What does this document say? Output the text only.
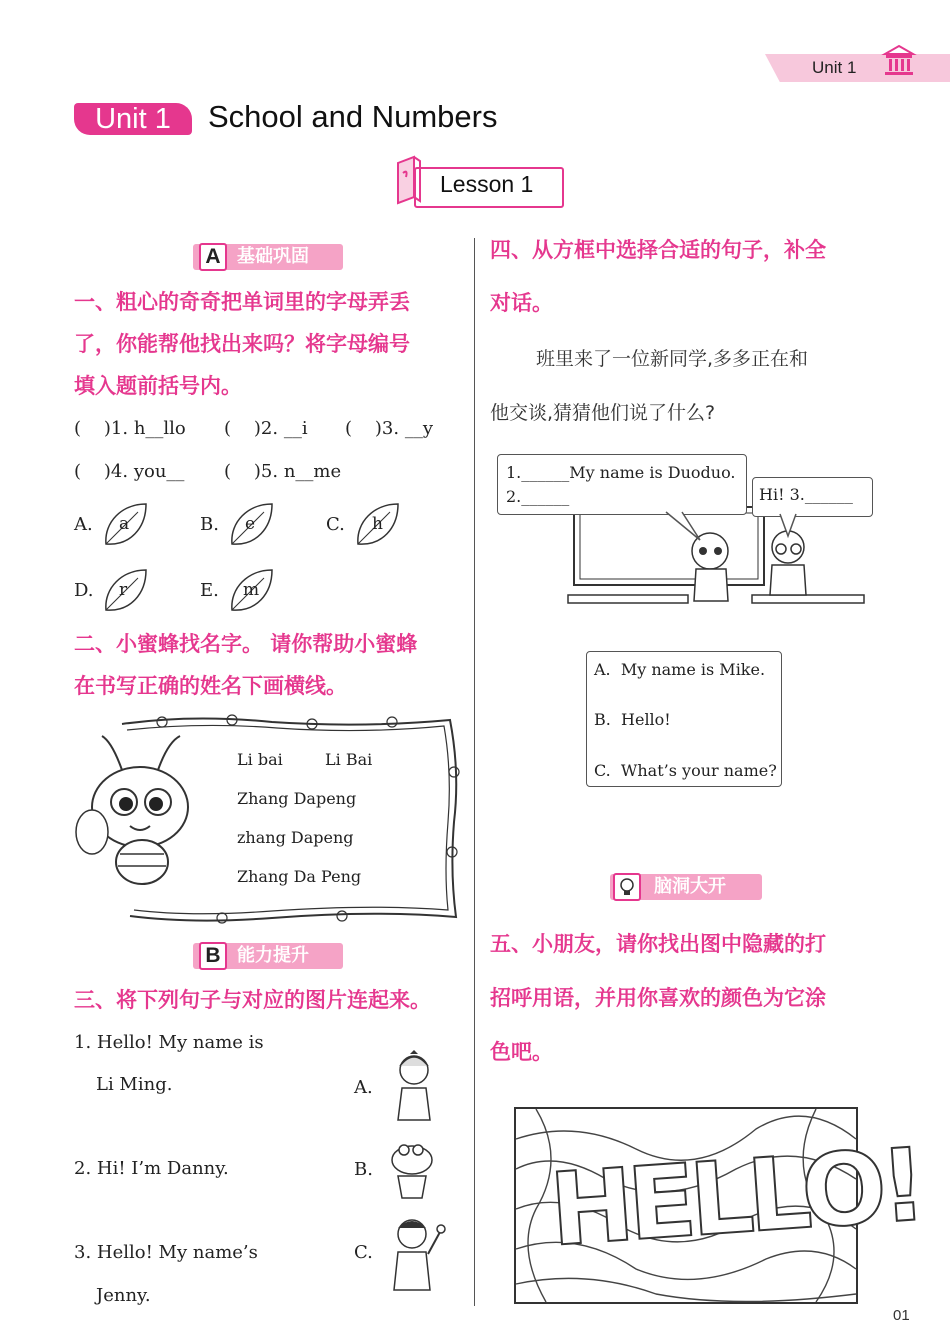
Unit 1
Unit 1	School and Numbers
Lesson 1
A 基础巩固
一、粗心的奇奇把单词里的字母弄丢
了，你能帮他找出来吗？将字母编号
填入题前括号内。
(    )1. h__llo (    )2. __i (    )3. __y
(    )4. you__ (    )5. n__me
A. a	B. e	C. h
D. r	E. m
二、小蜜蜂找名字。 请你帮助小蜜蜂
在书写正确的姓名下画横线。
Li bai	Li Bai
Zhang Dapeng
zhang Dapeng
Zhang Da Peng
B 能力提升
三、将下列句子与对应的图片连起来。
1. Hello! My name is
Li Ming.
2. Hi! I’m Danny.
3. Hello! My name’s
Jenny.
A.
B.
C.
四、从方框中选择合适的句子，补全
对话。
班里来了一位新同学,多多正在和
他交谈,猜猜他们说了什么?
1.______My name is Duoduo.
2.______	Hi! 3.______
A.  My name is Mike.
B.  Hello!
C.  What’s your name?
脑洞大开
五、小朋友，请你找出图中隐藏的打
招呼用语，并用你喜欢的颜色为它涂
色吧。
HELLO!
01
